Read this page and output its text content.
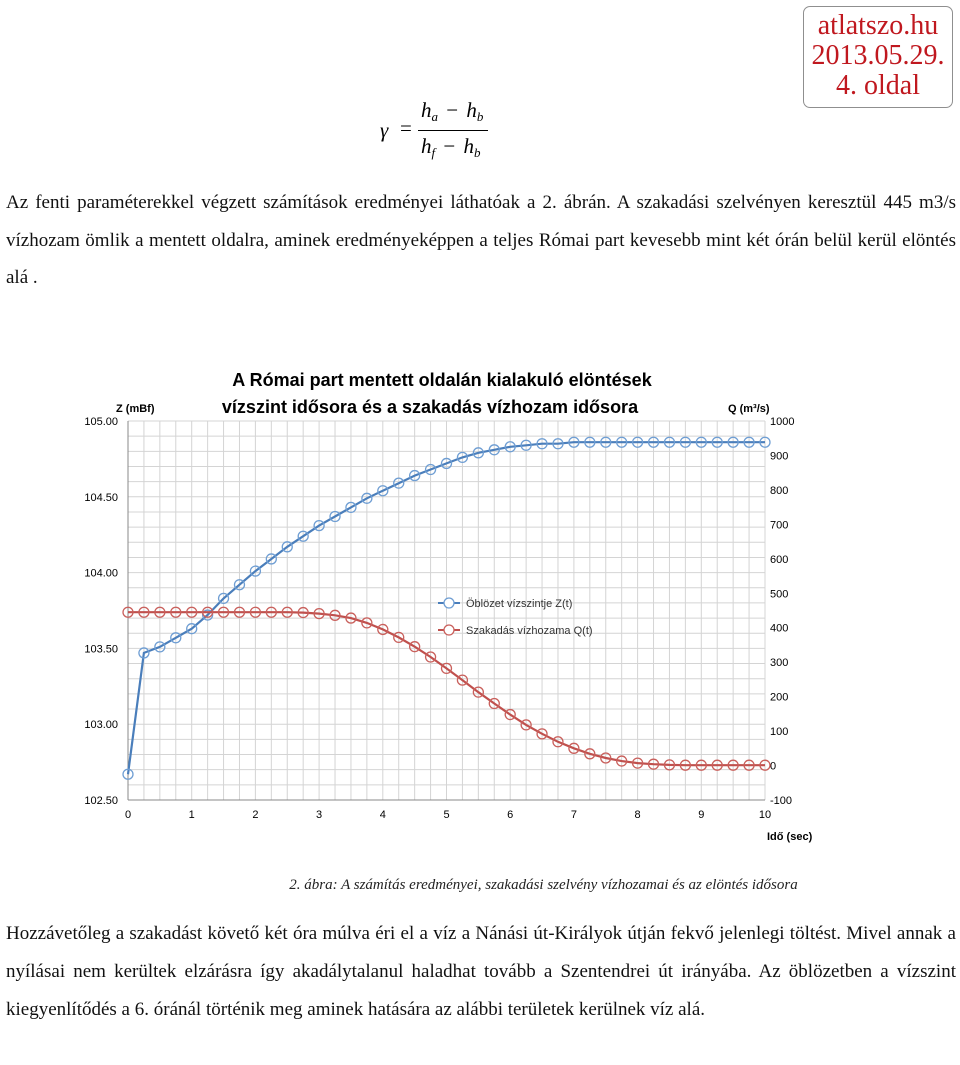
atlatszo.hu
2013.05.29.
4. oldal
γ =
$h_a - h_b$
$h_f - h_b$
Az fenti paraméterekkel végzett számítások eredményei láthatóak a 2. ábrán. A szakadási szelvényen keresztül 445 m3/s vízhozam ömlik a mentett oldalra, aminek eredményeképpen a teljes Római part kevesebb mint két órán belül kerül elöntés alá .
A Római part mentett oldalán kialakuló elöntések
vízszint idősora és a szakadás vízhozam idősora
Z (mBf)	Q (m³/s)
Idő (sec)
0	1	2	3	4	5	6	7	8	9	10
102.50
103.00
103.50
104.00
104.50
105.00
-100
0
100
200
300
400
500
600
700
800
900
1000
Öblözet vízszintje Z(t)
Szakadás vízhozama Q(t)
2. ábra: A számítás eredményei, szakadási szelvény vízhozamai és az elöntés idősora
Hozzávetőleg a szakadást követő két óra múlva éri el a víz a Nánási út-Királyok útján fekvő jelenlegi töltést. Mivel annak a nyílásai nem kerültek elzárásra így akadálytalanul haladhat tovább a Szentendrei út irányába. Az öblözetben a vízszint kiegyenlítődés a 6. óránál történik meg aminek hatására az alábbi területek kerülnek víz alá.
